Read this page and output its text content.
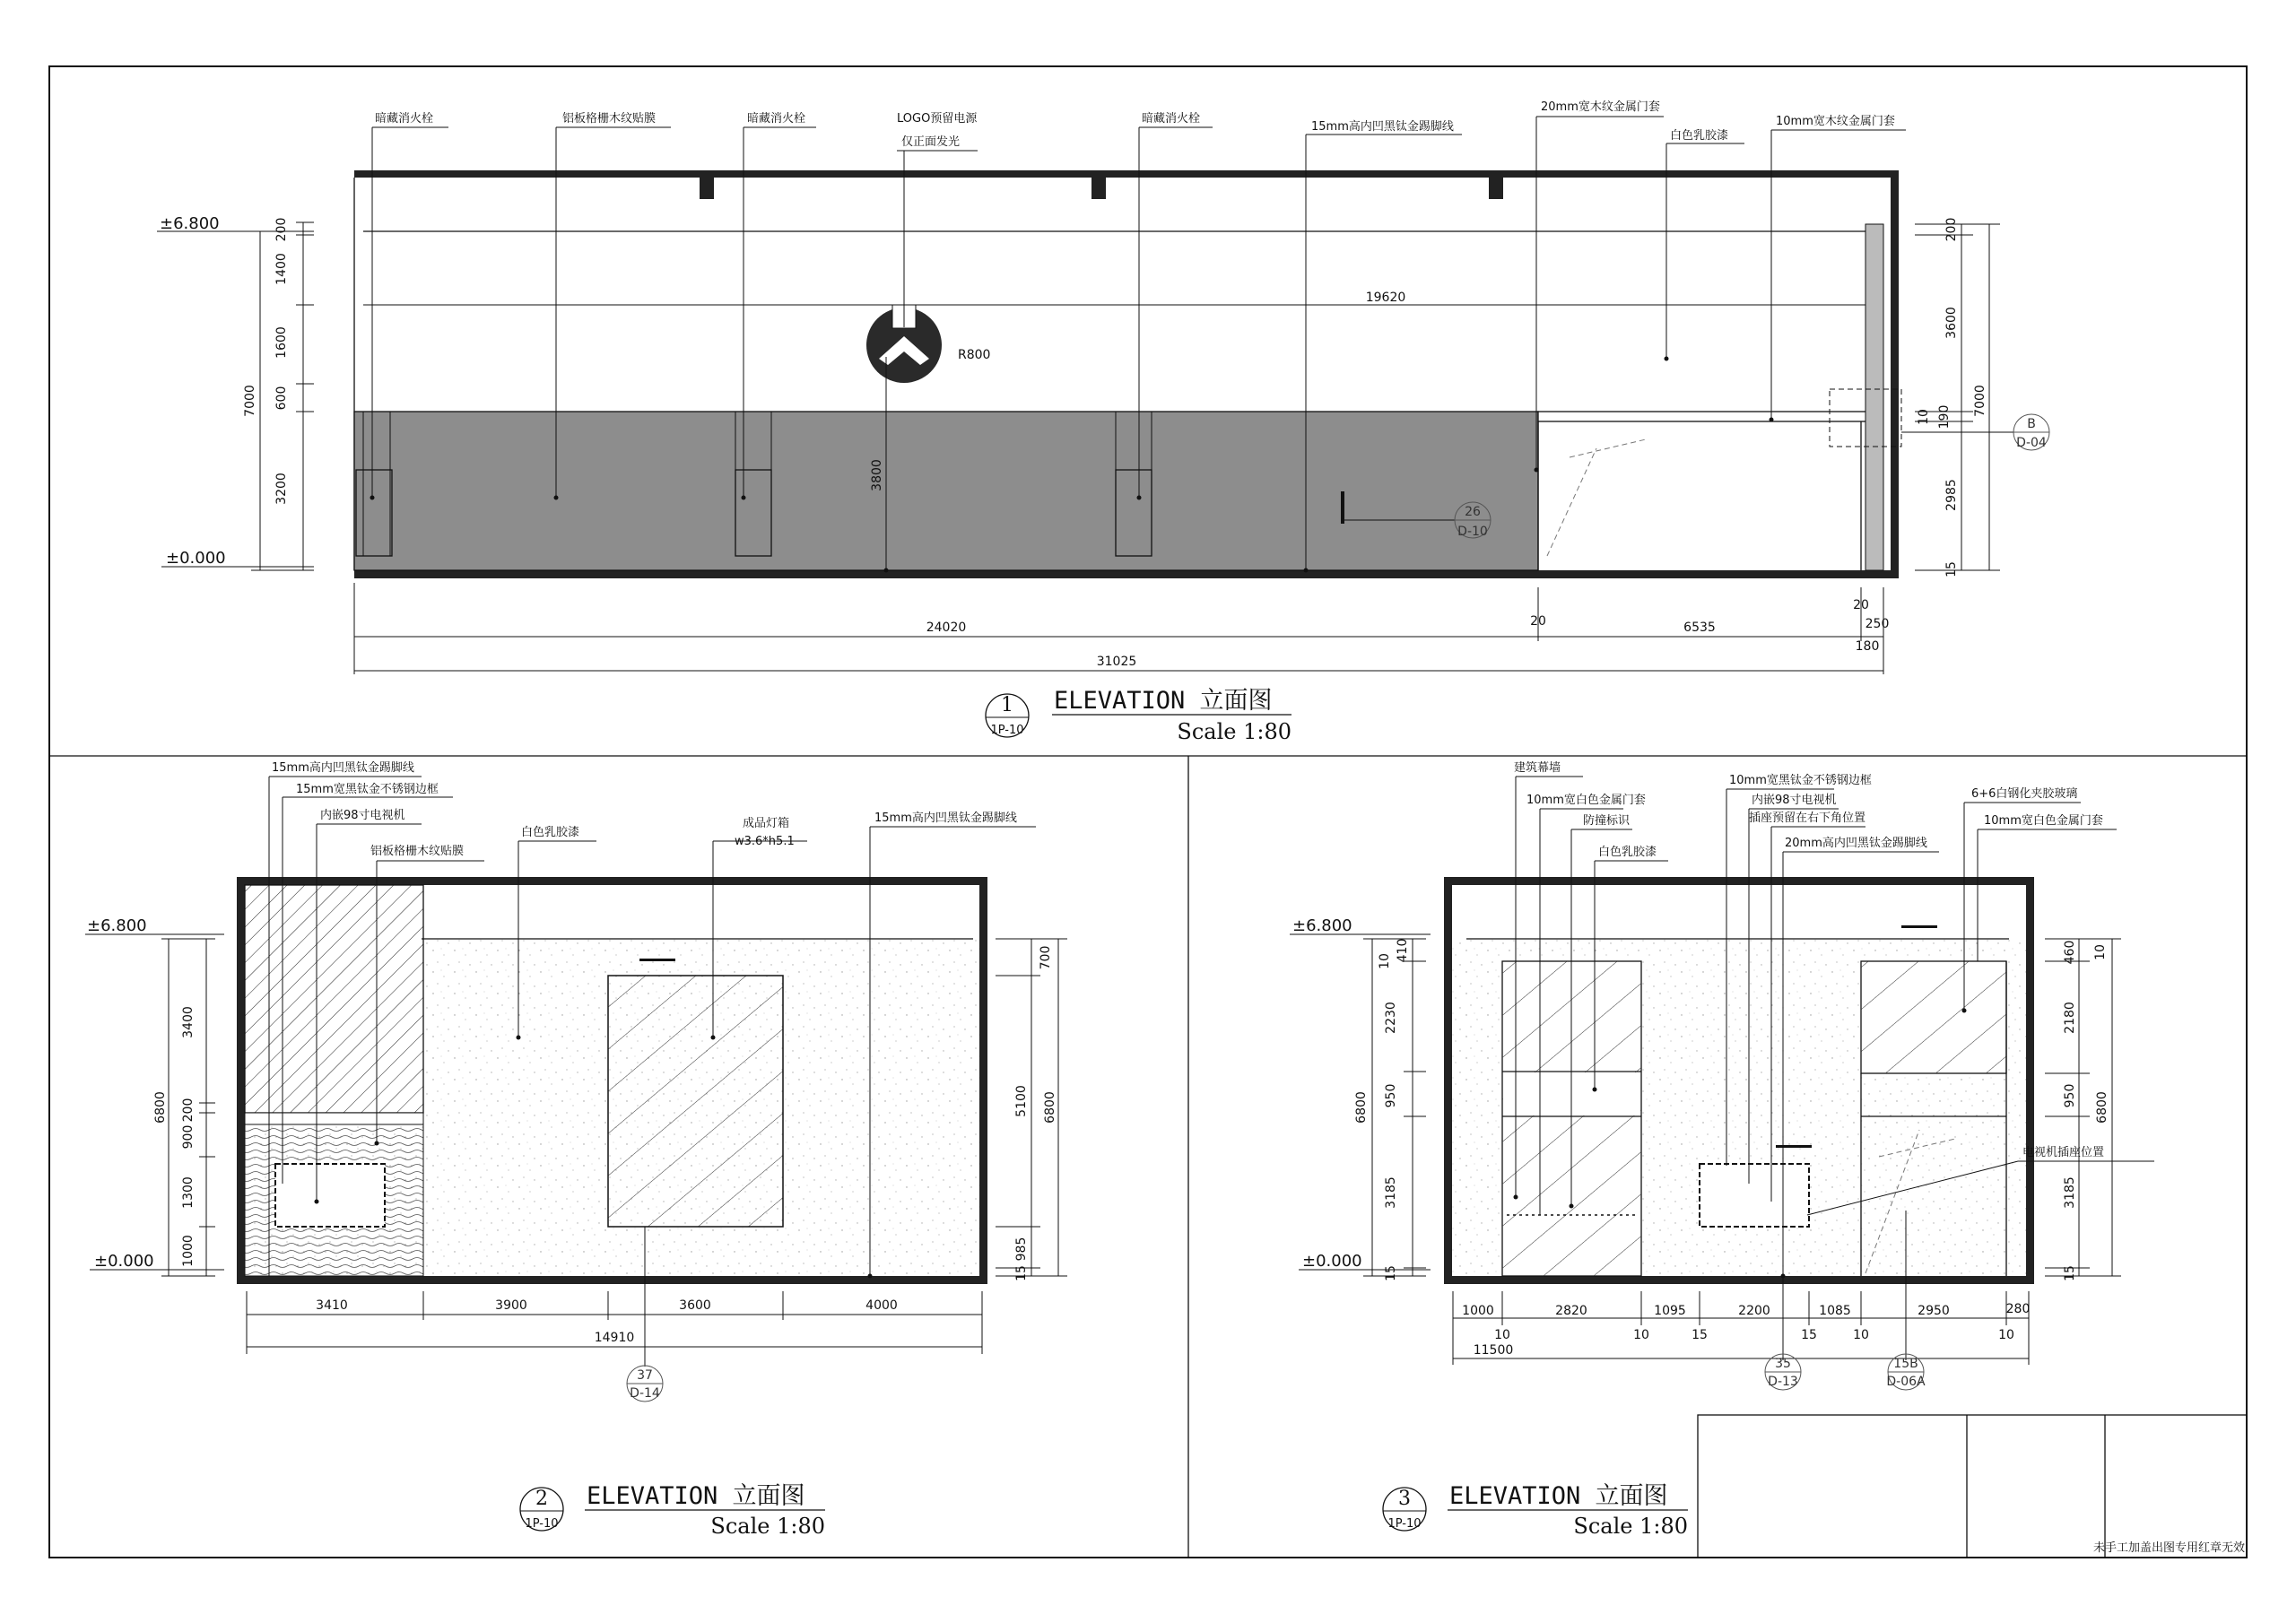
未手工加盖出图专用红章无效
R800
26
D-10
B
D-04
暗藏消火栓	铝板格栅木纹贴膜	暗藏消火栓	LOGO预留电源
仅正面发光
暗藏消火栓
15mm高内凹黑钛金踢脚线
20mm宽木纹金属门套
白色乳胶漆
10mm宽木纹金属门套
±6.800
±0.000
7000
200
1400
1600
600
3200
200
3600
7000
10 190
2985
15
19620
3800
24020	20	6535
20
250
180
31025
1
1P-10
ELEVATION 立面图
Scale 1:80
15mm高内凹黑钛金踢脚线
15mm宽黑钛金不锈钢边框
内嵌98寸电视机
铝板格栅木纹贴膜
白色乳胶漆
成品灯箱
w3.6*h5.1
15mm高内凹黑钛金踢脚线
±6.800
±0.000
6800
3400
200
900
1300
1000
700
5100 6800
985
15
3410	3900	3600	4000
14910
37
D-14
2
1P-10
ELEVATION 立面图
Scale 1:80
建筑幕墙
10mm宽白色金属门套
防撞标识
白色乳胶漆
10mm宽黑钛金不锈钢边框
内嵌98寸电视机
插座预留在右下角位置
20mm高内凹黑钛金踢脚线
6+6白钢化夹胶玻璃
10mm宽白色金属门套
电视机插座位置
±6.800
±0.000
10 410
2230
6800 950
3185
15
460 10
2180
950 6800
3185
15
1000	2820	1095	2200	1085	2950	280
10	10	15	15	10	10
11500
35
D-13
15B
D-06A
3
1P-10
ELEVATION 立面图
Scale 1:80
